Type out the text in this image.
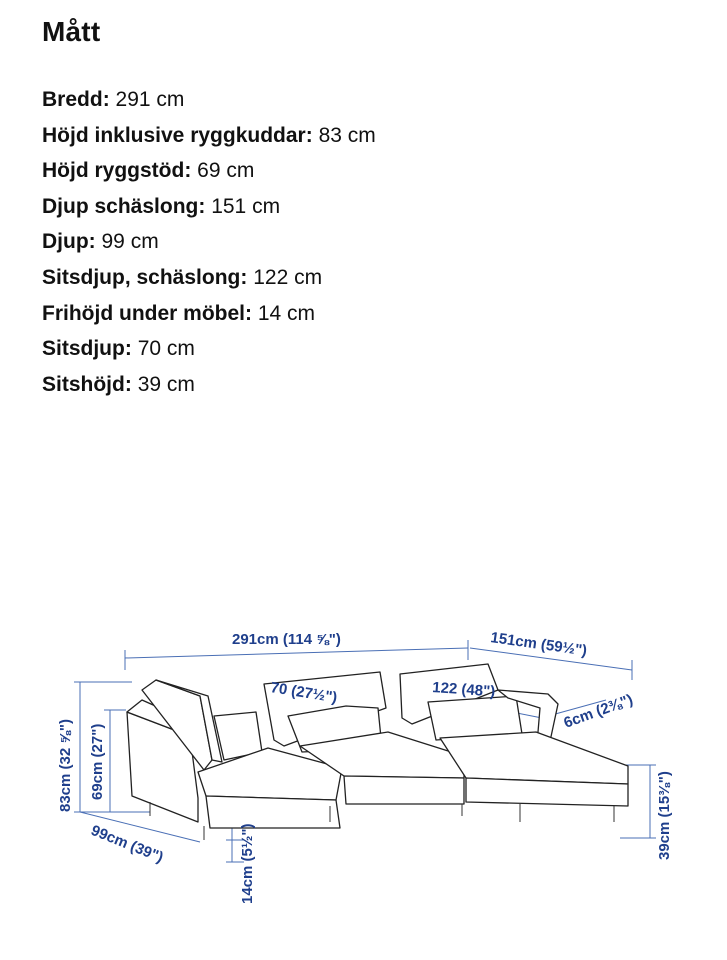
Mått
Bredd: 291 cm
Höjd inklusive ryggkuddar: 83 cm
Höjd ryggstöd: 69 cm
Djup schäslong: 151 cm
Djup: 99 cm
Sitsdjup, schäslong: 122 cm
Frihöjd under möbel: 14 cm
Sitsdjup: 70 cm
Sitshöjd: 39 cm
291cm (114 ⅝")	151cm (59½")
70 (27½")	122 (48")
6cm (2⅜")
83cm (32 ⅝") 69cm (27")
99cm (39")	14cm (5½")
39cm (15⅜")
